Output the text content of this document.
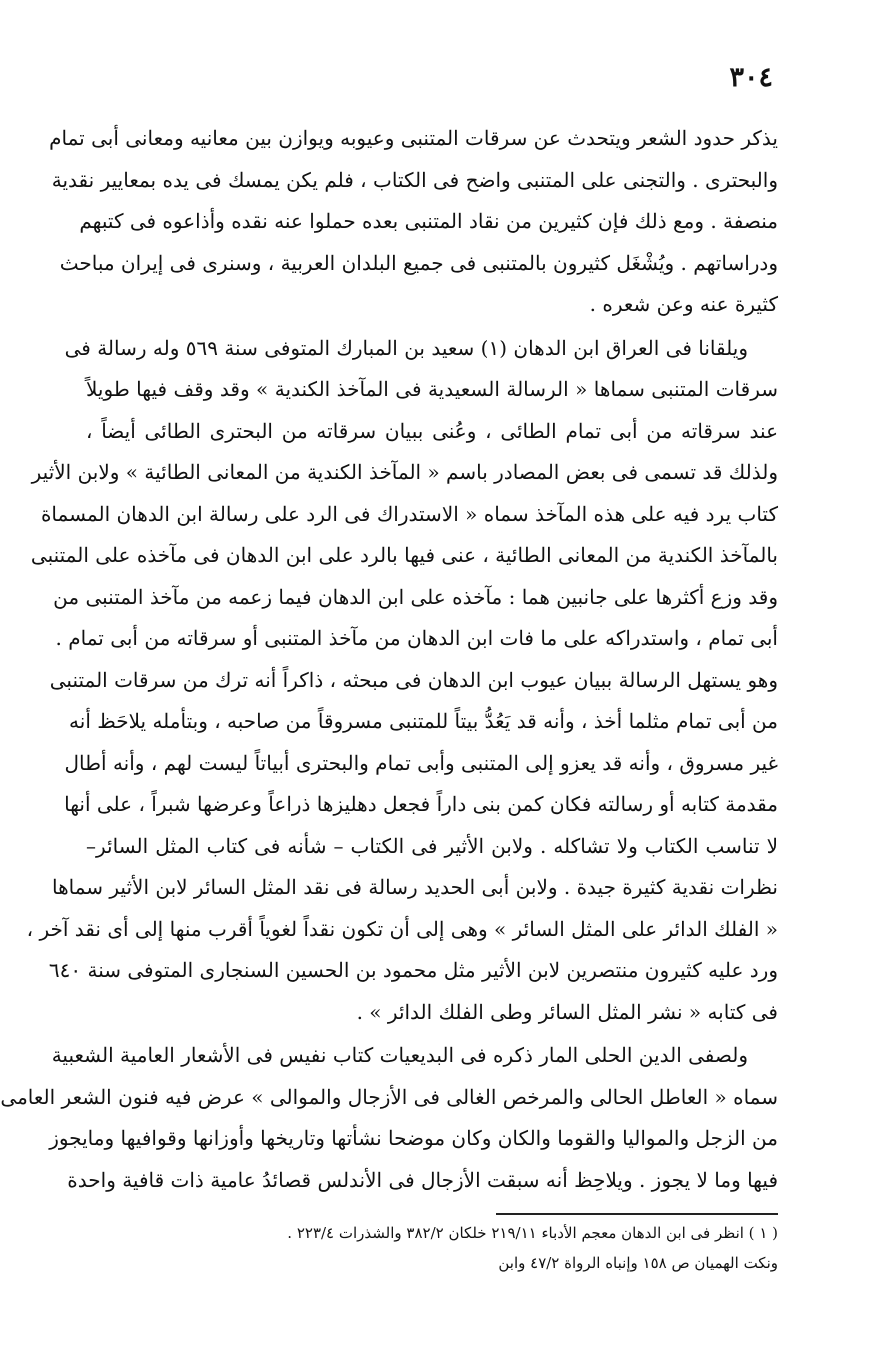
٣٠٤
يذكر حدود الشعر ويتحدث عن سرقات المتنبى وعيوبه ويوازن بين معانيه ومعانى أبى تمام
والبحترى . والتجنى على المتنبى واضح فى الكتاب ، فلم يكن يمسك فى يده بمعايير نقدية
منصفة . ومع ذلك فإن كثيرين من نقاد المتنبى بعده حملوا عنه نقده وأذاعوه فى كتبهم
ودراساتهم . ويُشْغَل كثيرون بالمتنبى فى جميع البلدان العربية ، وسنرى فى إيران مباحث
كثيرة عنه وعن شعره .
ويلقانا فى العراق ابن الدهان (١) سعيد بن المبارك المتوفى سنة ٥٦٩ وله رسالة فى
سرقات المتنبى سماها « الرسالة السعيدية فى المآخذ الكندية » وقد وقف فيها طويلاً
عند سرقاته من أبى تمام الطائى ، وعُنى ببيان سرقاته من البحترى الطائى أيضاً ،
ولذلك قد تسمى فى بعض المصادر باسم « المآخذ الكندية من المعانى الطائية » ولابن الأثير
كتاب يرد فيه على هذه المآخذ سماه « الاستدراك فى الرد على رسالة ابن الدهان المسماة
بالمآخذ الكندية من المعانى الطائية ، عنى فيها بالرد على ابن الدهان فى مآخذه على المتنبى
وقد وزع أكثرها على جانبين هما : مآخذه على ابن الدهان فيما زعمه من مآخذ المتنبى من
أبى تمام ، واستدراكه على ما فات ابن الدهان من مآخذ المتنبى أو سرقاته من أبى تمام .
وهو يستهل الرسالة ببيان عيوب ابن الدهان فى مبحثه ، ذاكراً أنه ترك من سرقات المتنبى
من أبى تمام مثلما أخذ ، وأنه قد يَعُدُّ بيتاً للمتنبى مسروقاً من صاحبه ، وبتأمله يلاحَظ أنه
غير مسروق ، وأنه قد يعزو إلى المتنبى وأبى تمام والبحترى أبياتاً ليست لهم ، وأنه أطال
مقدمة كتابه أو رسالته فكان كمن بنى داراً فجعل دهليزها ذراعاً وعرضها شبراً ، على أنها
لا تناسب الكتاب ولا تشاكله . ولابن الأثير فى الكتاب – شأنه فى كتاب المثل السائر–
نظرات نقدية كثيرة جيدة . ولابن أبى الحديد رسالة فى نقد المثل السائر لابن الأثير سماها
« الفلك الدائر على المثل السائر » وهى إلى أن تكون نقداً لغوياً أقرب منها إلى أى نقد آخر ،
ورد عليه كثيرون منتصرين لابن الأثير مثل محمود بن الحسين السنجارى المتوفى سنة ٦٤٠
فى كتابه « نشر المثل السائر وطى الفلك الدائر » .
ولصفى الدين الحلى المار ذكره فى البديعيات كتاب نفيس فى الأشعار العامية الشعبية
سماه « العاطل الحالى والمرخص الغالى فى الأزجال والموالى » عرض فيه فنون الشعر العامى
من الزجل والمواليا والقوما والكان وكان موضحا نشأتها وتاريخها وأوزانها وقوافيها ومايجوز
فيها وما لا يجوز . ويلاحِظ أنه سبقت الأزجال فى الأندلس قصائدُ عامية ذات قافية واحدة
( ١ ) انظر فى ابن الدهان معجم الأدباء ٢١٩/١١ خلكان ٣٨٢/٢ والشذرات ٢٢٣/٤ .
ونكت الهميان ص ١٥٨ وإنباه الرواة ٤٧/٢ وابن
